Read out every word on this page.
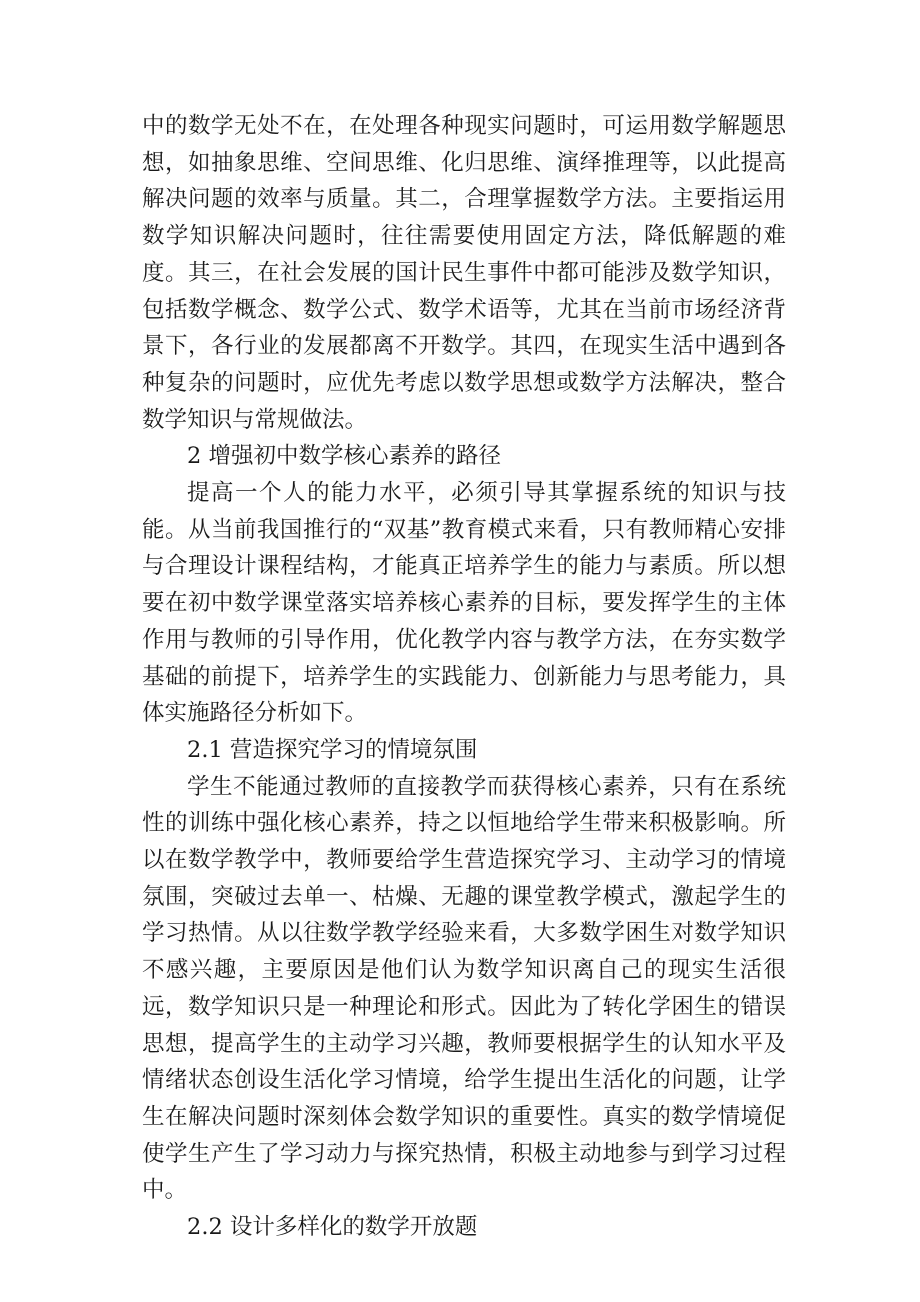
中的数学无处不在，在处理各种现实问题时，可运用数学解题思想，如抽象思维、空间思维、化归思维、演绎推理等，以此提高解决问题的效率与质量。其二，合理掌握数学方法。主要指运用数学知识解决问题时，往往需要使用固定方法，降低解题的难度。其三，在社会发展的国计民生事件中都可能涉及数学知识，包括数学概念、数学公式、数学术语等，尤其在当前市场经济背景下，各行业的发展都离不开数学。其四，在现实生活中遇到各种复杂的问题时，应优先考虑以数学思想或数学方法解决，整合数学知识与常规做法。

2 增强初中数学核心素养的路径

提高一个人的能力水平，必须引导其掌握系统的知识与技能。从当前我国推行的“双基”教育模式来看，只有教师精心安排与合理设计课程结构，才能真正培养学生的能力与素质。所以想要在初中数学课堂落实培养核心素养的目标，要发挥学生的主体作用与教师的引导作用，优化教学内容与教学方法，在夯实数学基础的前提下，培养学生的实践能力、创新能力与思考能力，具体实施路径分析如下。

2.1 营造探究学习的情境氛围

学生不能通过教师的直接教学而获得核心素养，只有在系统性的训练中强化核心素养，持之以恒地给学生带来积极影响。所以在数学教学中，教师要给学生营造探究学习、主动学习的情境氛围，突破过去单一、枯燥、无趣的课堂教学模式，激起学生的学习热情。从以往数学教学经验来看，大多数学困生对数学知识不感兴趣，主要原因是他们认为数学知识离自己的现实生活很远，数学知识只是一种理论和形式。因此为了转化学困生的错误思想，提高学生的主动学习兴趣，教师要根据学生的认知水平及情绪状态创设生活化学习情境，给学生提出生活化的问题，让学生在解决问题时深刻体会数学知识的重要性。真实的数学情境促使学生产生了学习动力与探究热情，积极主动地参与到学习过程中。

2.2 设计多样化的数学开放题
